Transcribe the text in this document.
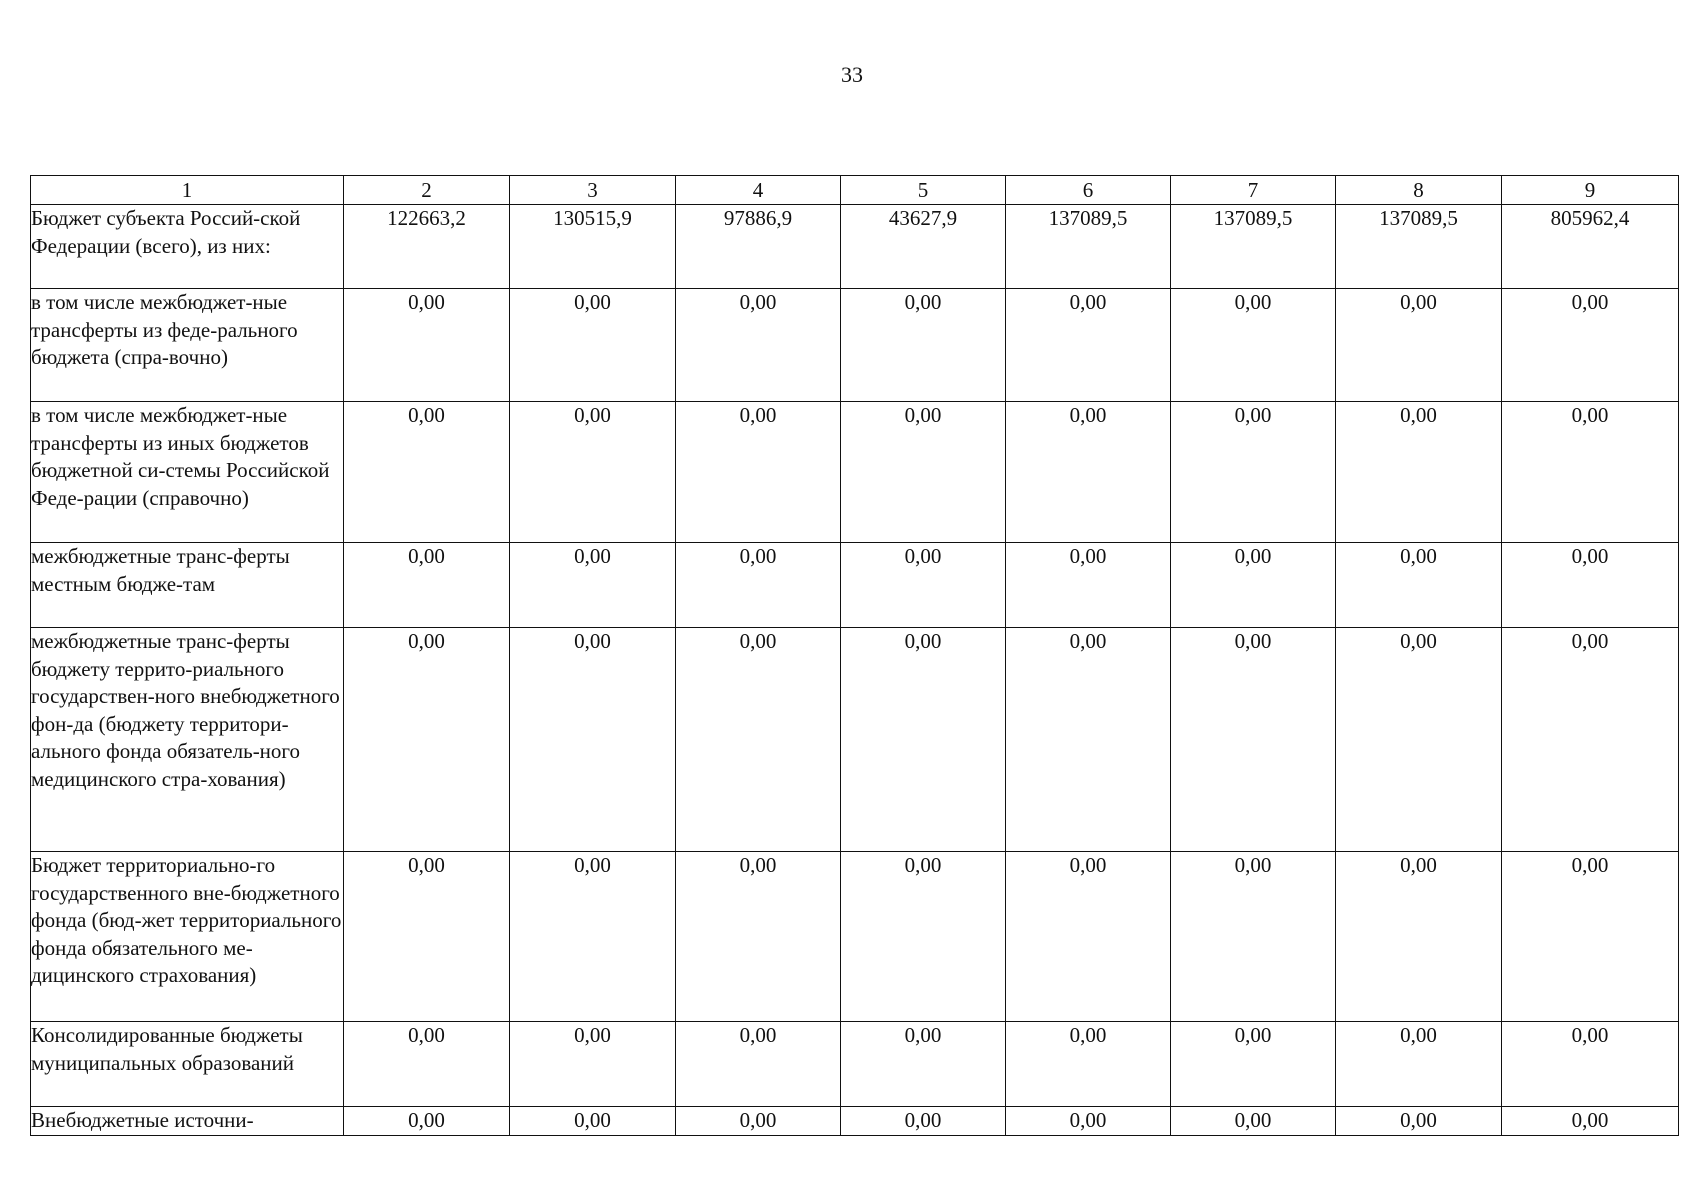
33
1	2	3	4	5	6	7	8	9
Бюджет субъекта Россий-ской Федерации (всего), из них:	122663,2	130515,9	97886,9	43627,9	137089,5	137089,5	137089,5	805962,4
в том числе межбюджет-ные трансферты из феде-рального бюджета (спра-вочно)	0,00	0,00	0,00	0,00	0,00	0,00	0,00	0,00
в том числе межбюджет-ные трансферты из иных бюджетов бюджетной си-стемы Российской Феде-рации (справочно)	0,00	0,00	0,00	0,00	0,00	0,00	0,00	0,00
межбюджетные транс-ферты местным бюдже-там	0,00	0,00	0,00	0,00	0,00	0,00	0,00	0,00
межбюджетные транс-ферты бюджету террито-риального государствен-ного внебюджетного фон-да (бюджету территори-ального фонда обязатель-ного медицинского стра-хования)	0,00	0,00	0,00	0,00	0,00	0,00	0,00	0,00
Бюджет территориально-го государственного вне-бюджетного фонда (бюд-жет территориального фонда обязательного ме-дицинского страхования)	0,00	0,00	0,00	0,00	0,00	0,00	0,00	0,00
Консолидированные бюджеты муниципальных образований	0,00	0,00	0,00	0,00	0,00	0,00	0,00	0,00
Внебюджетные источни-	0,00	0,00	0,00	0,00	0,00	0,00	0,00	0,00
